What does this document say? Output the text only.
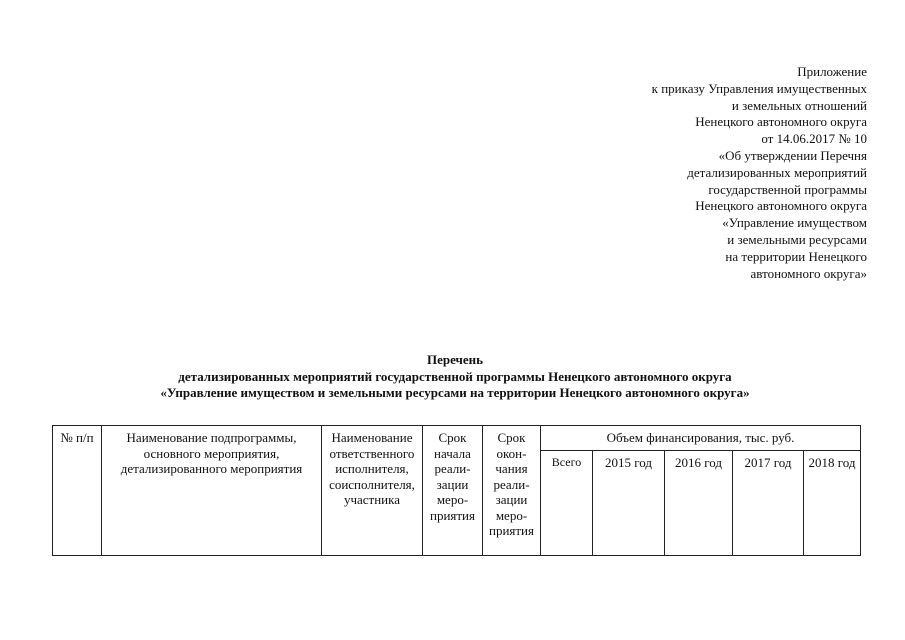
Приложение
к приказу Управления имущественных
и земельных отношений
Ненецкого автономного округа
от 14.06.2017 № 10
«Об утверждении Перечня
детализированных мероприятий
государственной программы
Ненецкого автономного округа
«Управление имуществом
и земельными ресурсами
на территории Ненецкого
автономного округа»
Перечень
детализированных мероприятий государственной программы Ненецкого автономного округа
«Управление имуществом и земельными ресурсами на территории Ненецкого автономного округа»
№ п/п	Наименование подпрограммы, основного мероприятия, детализированного мероприятия	Наименование ответственного исполнителя, соисполнителя, участника	Срок начала реали-зации меро-приятия	Срок окон-чания реали-зации меро-приятия	Объем финансирования, тыс. руб.				
					Всего	2015 год	2016 год	2017 год	2018 год
